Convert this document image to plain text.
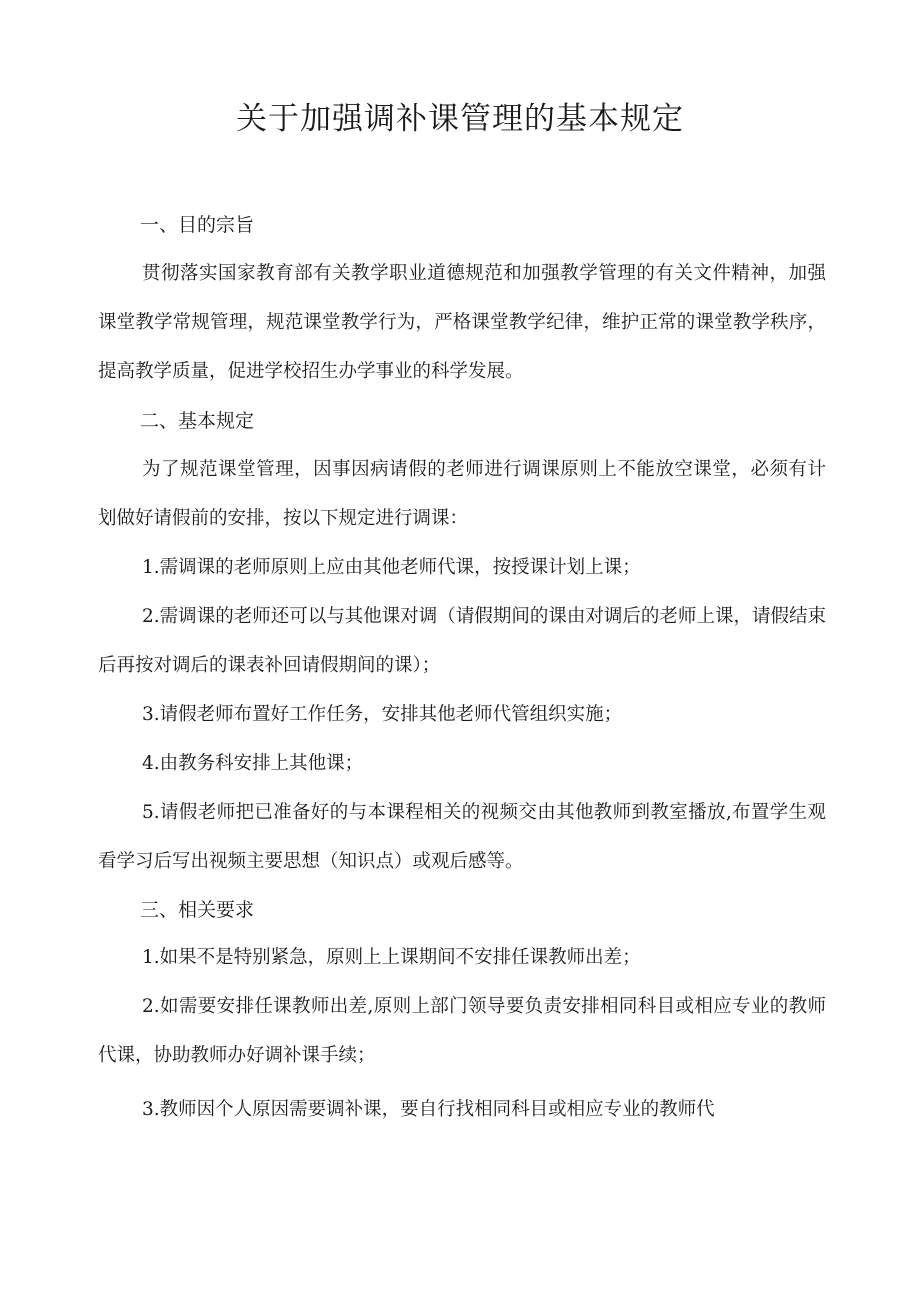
关于加强调补课管理的基本规定
一、目的宗旨

贯彻落实国家教育部有关教学职业道德规范和加强教学管理的有关文件精神，加强课堂教学常规管理，规范课堂教学行为，严格课堂教学纪律，维护正常的课堂教学秩序，提高教学质量，促进学校招生办学事业的科学发展。

二、基本规定

为了规范课堂管理，因事因病请假的老师进行调课原则上不能放空课堂，必须有计划做好请假前的安排，按以下规定进行调课：

1.需调课的老师原则上应由其他老师代课，按授课计划上课；

2.需调课的老师还可以与其他课对调（请假期间的课由对调后的老师上课，请假结束后再按对调后的课表补回请假期间的课）；

3.请假老师布置好工作任务，安排其他老师代管组织实施；

4.由教务科安排上其他课；

5.请假老师把已准备好的与本课程相关的视频交由其他教师到教室播放,布置学生观看学习后写出视频主要思想（知识点）或观后感等。

三、相关要求

1.如果不是特别紧急，原则上上课期间不安排任课教师出差；

2.如需要安排任课教师出差,原则上部门领导要负责安排相同科目或相应专业的教师代课，协助教师办好调补课手续；

3.教师因个人原因需要调补课，要自行找相同科目或相应专业的教师代
